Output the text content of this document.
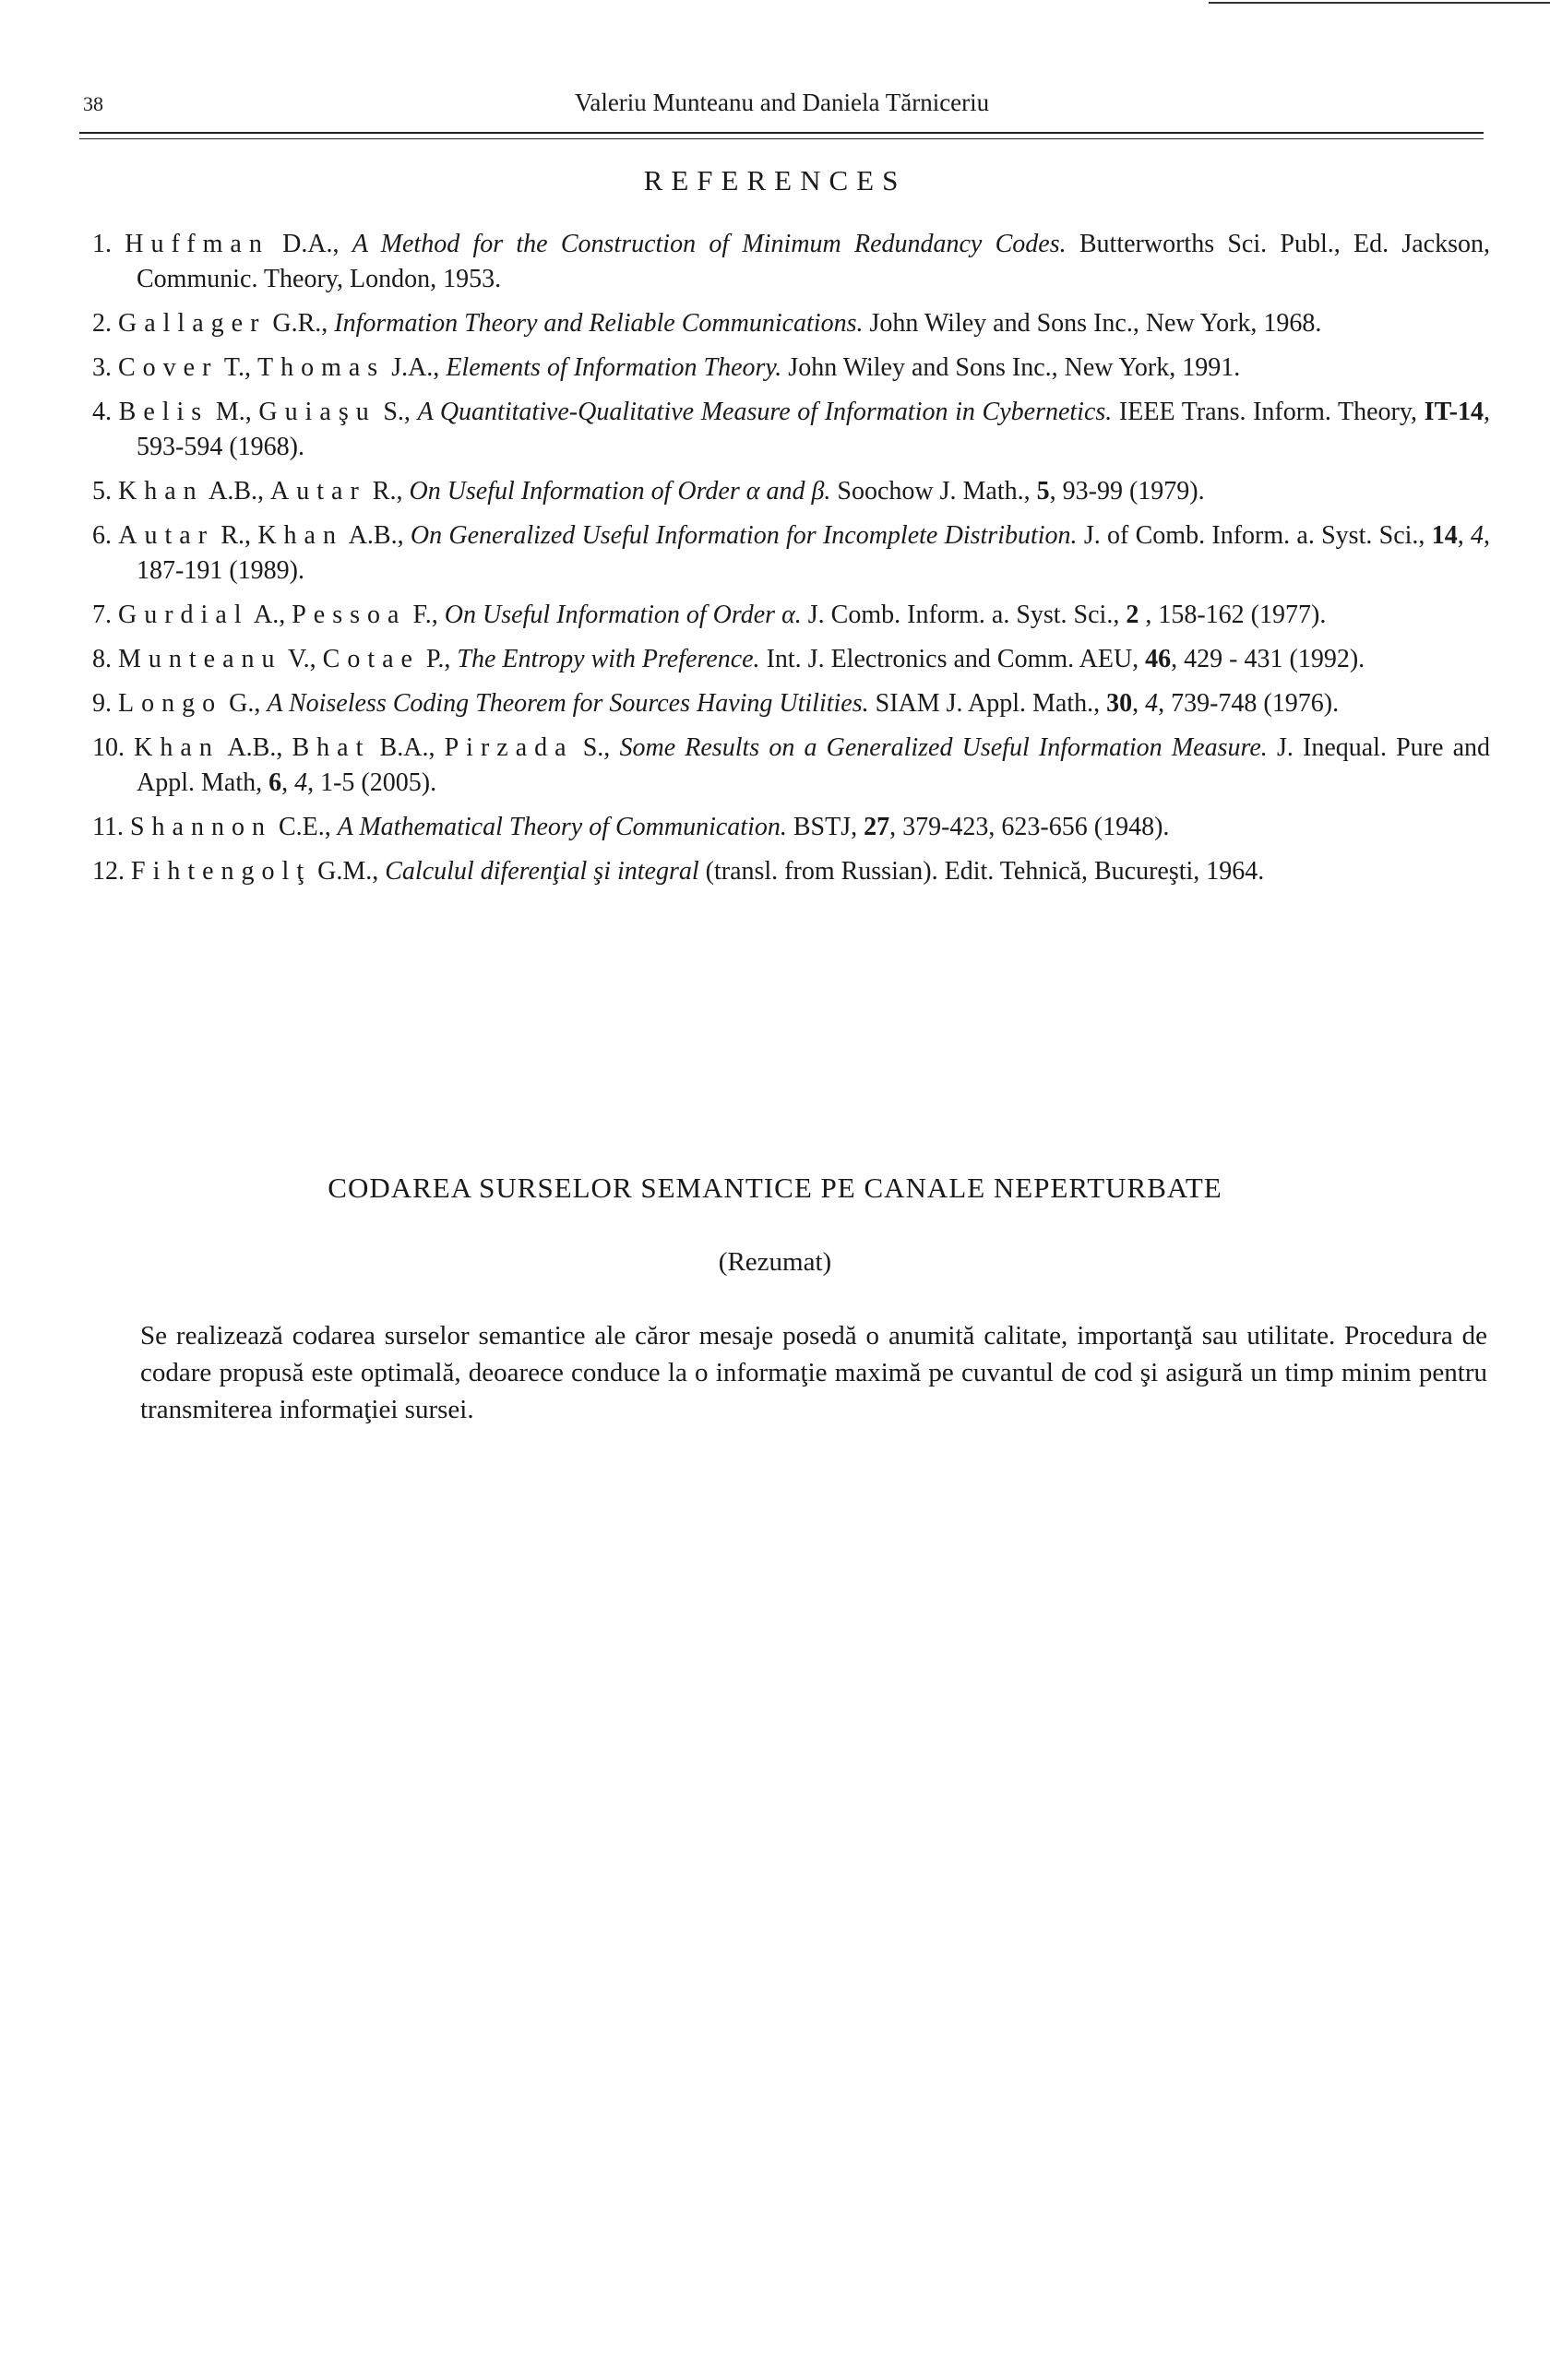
38	Valeriu Munteanu and Daniela Tărniceriu
REFERENCES
1. Huffman D.A., A Method for the Construction of Minimum Redundancy Codes. Butterworths Sci. Publ., Ed. Jackson, Communic. Theory, London, 1953.
2. Gallager G.R., Information Theory and Reliable Communications. John Wiley and Sons Inc., New York, 1968.
3. Cover T., Thomas J.A., Elements of Information Theory. John Wiley and Sons Inc., New York, 1991.
4. Belis M., Guiaşu S., A Quantitative-Qualitative Measure of Information in Cybernetics. IEEE Trans. Inform. Theory, IT-14, 593-594 (1968).
5. Khan A.B., Autar R., On Useful Information of Order α and β. Soochow J. Math., 5, 93-99 (1979).
6. Autar R., Khan A.B., On Generalized Useful Information for Incomplete Distribution. J. of Comb. Inform. a. Syst. Sci., 14, 4, 187-191 (1989).
7. Gurdial A., Pessoa F., On Useful Information of Order α. J. Comb. Inform. a. Syst. Sci., 2 , 158-162 (1977).
8. Munteanu V., Cotae P., The Entropy with Preference. Int. J. Electronics and Comm. AEU, 46, 429 - 431 (1992).
9. Longo G., A Noiseless Coding Theorem for Sources Having Utilities. SIAM J. Appl. Math., 30, 4, 739-748 (1976).
10. Khan A.B., Bhat B.A., Pirzada S., Some Results on a Generalized Useful Information Measure. J. Inequal. Pure and Appl. Math, 6, 4, 1-5 (2005).
11. Shannon C.E., A Mathematical Theory of Communication. BSTJ, 27, 379-423, 623-656 (1948).
12. Fihtengolţ G.M., Calculul diferenţial şi integral (transl. from Russian). Edit. Tehnică, Bucureşti, 1964.
CODAREA SURSELOR SEMANTICE PE CANALE NEPERTURBATE
(Rezumat)

Se realizează codarea surselor semantice ale căror mesaje posedă o anumită calitate, importanţă sau utilitate. Procedura de codare propusă este optimală, deoarece conduce la o informaţie maximă pe cuvantul de cod şi asigură un timp minim pentru transmiterea informaţiei sursei.
